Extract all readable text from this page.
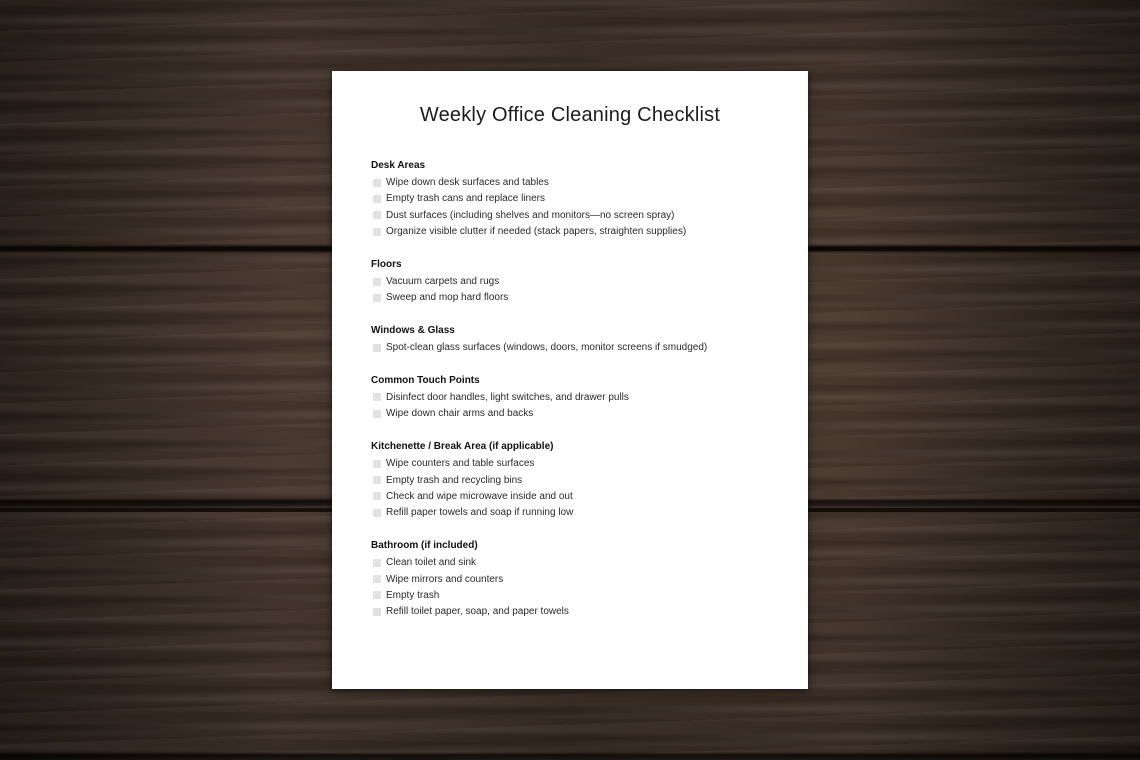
Weekly Office Cleaning Checklist
Desk Areas
Wipe down desk surfaces and tables
Empty trash cans and replace liners
Dust surfaces (including shelves and monitors—no screen spray)
Organize visible clutter if needed (stack papers, straighten supplies)
Floors
Vacuum carpets and rugs
Sweep and mop hard floors
Windows & Glass
Spot-clean glass surfaces (windows, doors, monitor screens if smudged)
Common Touch Points
Disinfect door handles, light switches, and drawer pulls
Wipe down chair arms and backs
Kitchenette / Break Area (if applicable)
Wipe counters and table surfaces
Empty trash and recycling bins
Check and wipe microwave inside and out
Refill paper towels and soap if running low
Bathroom (if included)
Clean toilet and sink
Wipe mirrors and counters
Empty trash
Refill toilet paper, soap, and paper towels
